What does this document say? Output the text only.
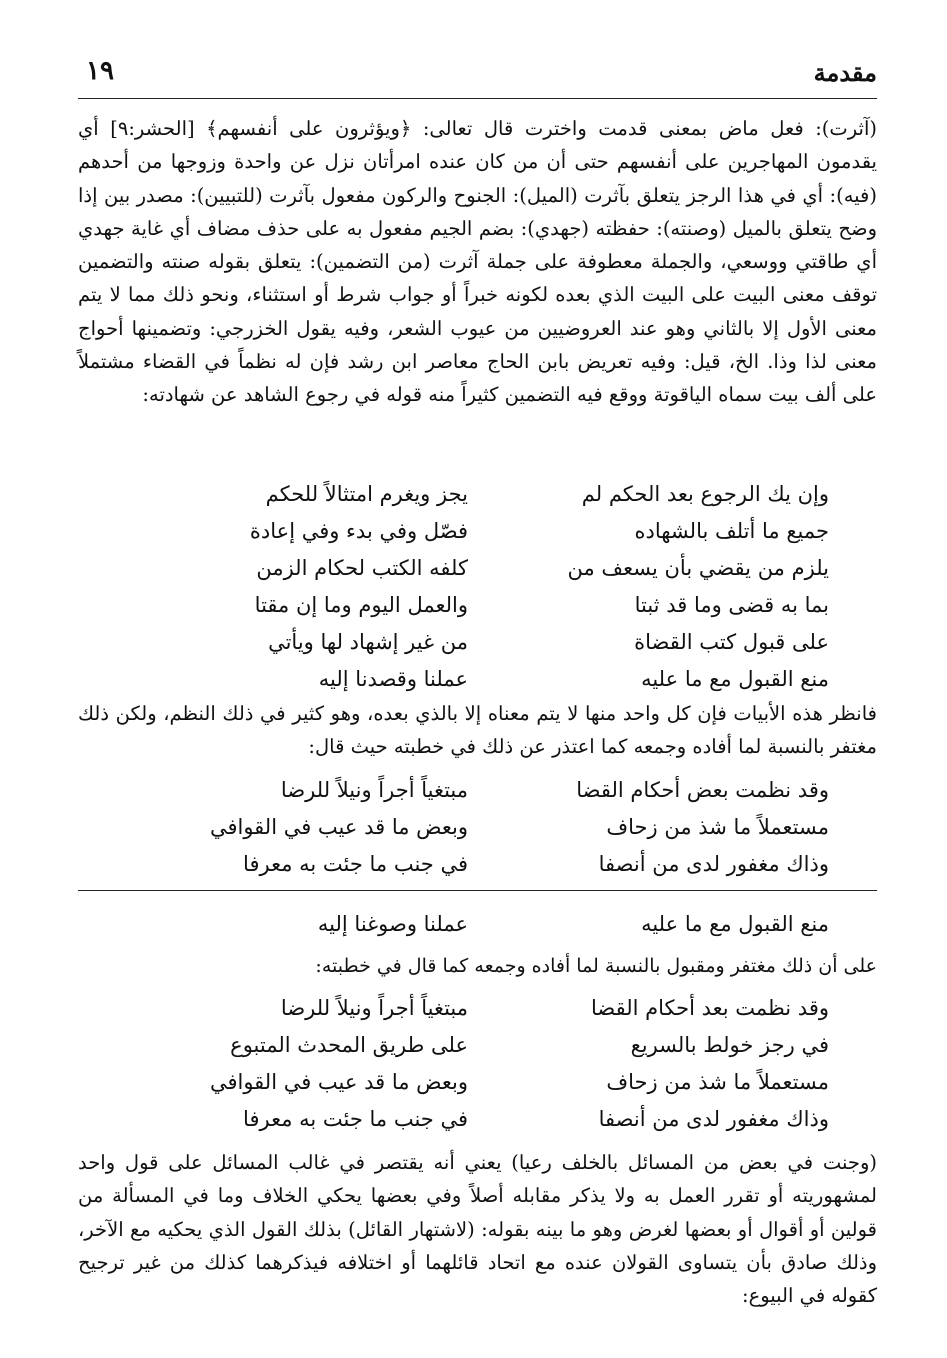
مقدمة
١٩
(آثرت): فعل ماض بمعنى قدمت واخترت قال تعالى: ﴿ويؤثرون على أنفسهم﴾ [الحشر:٩] أي يقدمون المهاجرين على أنفسهم حتى أن من كان عنده امرأتان نزل عن واحدة وزوجها من أحدهم (فيه): أي في هذا الرجز يتعلق بآثرت (الميل): الجنوح والركون مفعول بآثرت (للتبيين): مصدر بين إذا وضح يتعلق بالميل (وصنته): حفظته (جهدي): بضم الجيم مفعول به على حذف مضاف أي غاية جهدي أي طاقتي ووسعي، والجملة معطوفة على جملة آثرت (من التضمين): يتعلق بقوله صنته والتضمين توقف معنى البيت على البيت الذي بعده لكونه خبراً أو جواب شرط أو استثناء، ونحو ذلك مما لا يتم معنى الأول إلا بالثاني وهو عند العروضيين من عيوب الشعر، وفيه يقول الخزرجي: وتضمينها أحواج معنى لذا وذا. الخ، قيل: وفيه تعريض بابن الحاج معاصر ابن رشد فإن له نظماً في القضاء مشتملاً على ألف بيت سماه الياقوتة ووقع فيه التضمين كثيراً منه قوله في رجوع الشاهد عن شهادته:
وإن يك الرجوع بعد الحكم لم
يجز ويغرم امتثالاً للحكم
جميع ما أتلف بالشهاده
فصّل وفي بدء وفي إعادة
يلزم من يقضي بأن يسعف من
كلفه الكتب لحكام الزمن
بما به قضى وما قد ثبتا
والعمل اليوم وما إن مقتا
على قبول كتب القضاة
من غير إشهاد لها ويأتي
منع القبول مع ما عليه
عملنا وقصدنا إليه
فانظر هذه الأبيات فإن كل واحد منها لا يتم معناه إلا بالذي بعده، وهو كثير في ذلك النظم، ولكن ذلك مغتفر بالنسبة لما أفاده وجمعه كما اعتذر عن ذلك في خطبته حيث قال:
وقد نظمت بعض أحكام القضا
مبتغياً أجراً ونيلاً للرضا
مستعملاً ما شذ من زحاف
وبعض ما قد عيب في القوافي
وذاك مغفور لدى من أنصفا
في جنب ما جئت به معرفا
منع القبول مع ما عليه
عملنا وصوغنا إليه
على أن ذلك مغتفر ومقبول بالنسبة لما أفاده وجمعه كما قال في خطبته:
وقد نظمت بعد أحكام القضا
مبتغياً أجراً ونيلاً للرضا
في رجز خولط بالسريع
على طريق المحدث المتبوع
مستعملاً ما شذ من زحاف
وبعض ما قد عيب في القوافي
وذاك مغفور لدى من أنصفا
في جنب ما جئت به معرفا
(وجنت في بعض من المسائل بالخلف رعيا) يعني أنه يقتصر في غالب المسائل على قول واحد لمشهوريته أو تقرر العمل به ولا يذكر مقابله أصلاً وفي بعضها يحكي الخلاف وما في المسألة من قولين أو أقوال أو بعضها لغرض وهو ما بينه بقوله: (لاشتهار القائل) بذلك القول الذي يحكيه مع الآخر، وذلك صادق بأن يتساوى القولان عنده مع اتحاد قائلهما أو اختلافه فيذكرهما كذلك من غير ترجيح كقوله في البيوع:
